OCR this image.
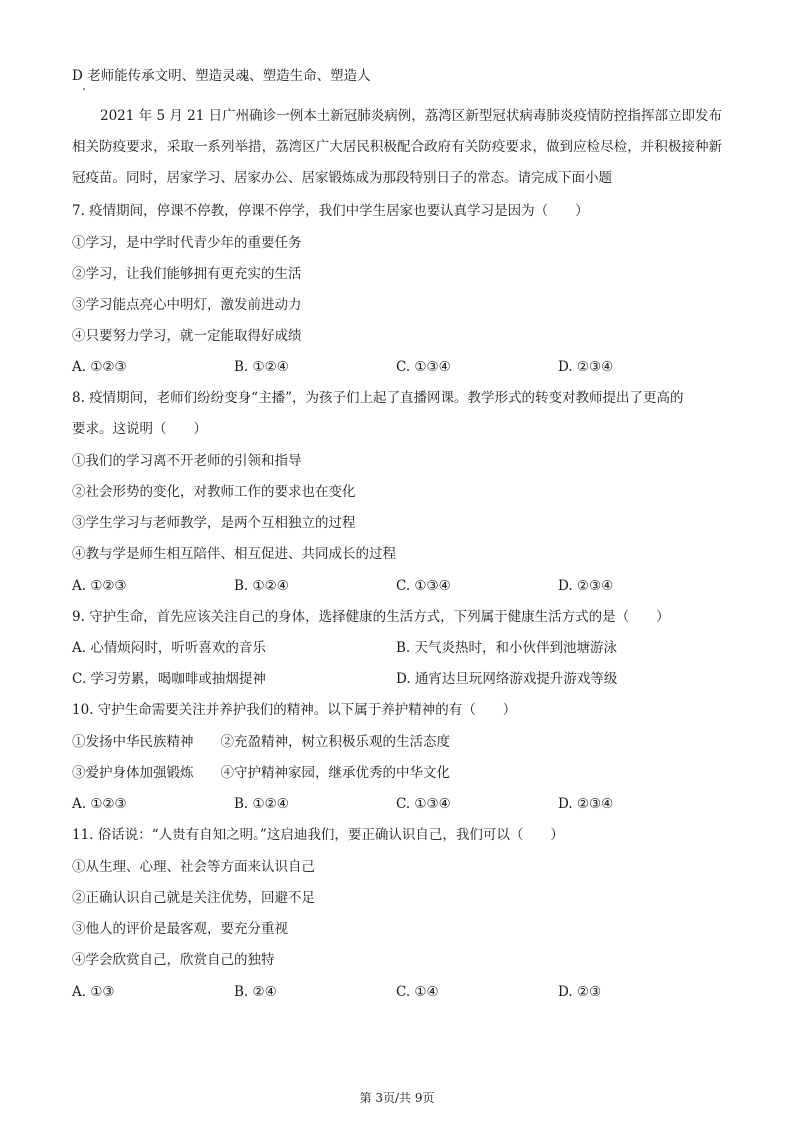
D 老师能传承文明、塑造灵魂、塑造生命、塑造人
2021 年 5 月 21 日广州确诊一例本土新冠肺炎病例，荔湾区新型冠状病毒肺炎疫情防控指挥部立即发布相关防疫要求，采取一系列举措，荔湾区广大居民积极配合政府有关防疫要求，做到应检尽检，并积极接种新冠疫苗。同时，居家学习、居家办公、居家锻炼成为那段特别日子的常态。请完成下面小题
7. 疫情期间，停课不停教，停课不停学，我们中学生居家也要认真学习是因为（　　）
①学习，是中学时代青少年的重要任务
②学习，让我们能够拥有更充实的生活
③学习能点亮心中明灯，激发前进动力
④只要努力学习，就一定能取得好成绩
A. ①②③	B. ①②④	C. ①③④	D. ②③④
8. 疫情期间，老师们纷纷变身“主播”，为孩子们上起了直播网课。教学形式的转变对教师提出了更高的
要求。这说明（　　）
①我们的学习离不开老师的引领和指导
②社会形势的变化，对教师工作的要求也在变化
③学生学习与老师教学，是两个互相独立的过程
④教与学是师生相互陪伴、相互促进、共同成长的过程
A. ①②③	B. ①②④	C. ①③④	D. ②③④
9. 守护生命，首先应该关注自己的身体，选择健康的生活方式，下列属于健康生活方式的是（　　）
A. 心情烦闷时，听听喜欢的音乐	B. 天气炎热时，和小伙伴到池塘游泳
C. 学习劳累，喝咖啡或抽烟提神	D. 通宵达旦玩网络游戏提升游戏等级
10. 守护生命需要关注并养护我们的精神。以下属于养护精神的有（　　）
①发扬中华民族精神　　②充盈精神，树立积极乐观的生活态度
③爱护身体加强锻炼　　④守护精神家园，继承优秀的中华文化
A. ①②③	B. ①②④	C. ①③④	D. ②③④
11. 俗话说：“人贵有自知之明。”这启迪我们，要正确认识自己，我们可以（　　）
①从生理、心理、社会等方面来认识自己
②正确认识自己就是关注优势，回避不足
③他人的评价是最客观，要充分重视
④学会欣赏自己，欣赏自己的独特
A. ①③	B. ②④	C. ①④	D. ②③
第 3页/共 9页
